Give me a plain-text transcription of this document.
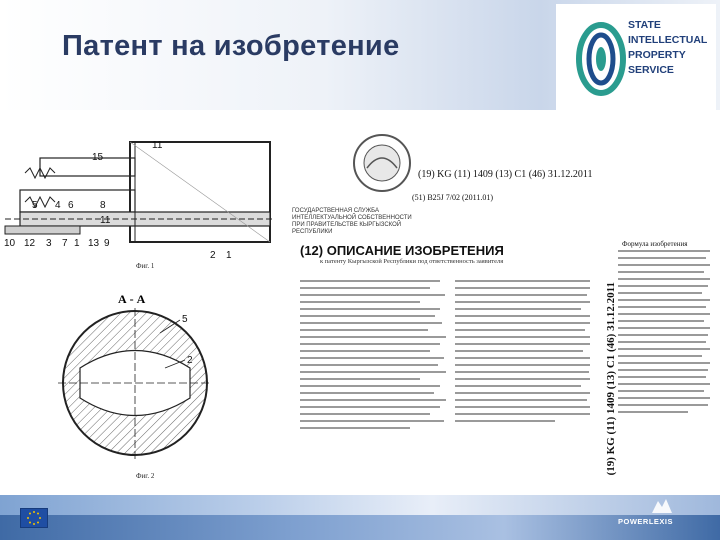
Патент на изобретение
STATE
INTELLECTUAL
PROPERTY
SERVICE
15
11
5 4 6	8
11
10 12 3 7 1 13 9
2 1
Фиг. 1
5
2
Фиг. 2
А - А
(19) KG (11) 1409 (13) C1 (46) 31.12.2011
(51) B25J 7/02 (2011.01)
ГОСУДАРСТВЕННАЯ СЛУЖБА ИНТЕЛЛЕКТУАЛЬНОЙ СОБСТВЕННОСТИ ПРИ ПРАВИТЕЛЬСТВЕ КЫРГЫЗСКОЙ РЕСПУБЛИКИ
(12) ОПИСАНИЕ ИЗОБРЕТЕНИЯ
к патенту Кыргызской Республики под ответственность заявителя
Формула изобретения
(19) KG (11) 1409 (13) C1 (46) 31.12.2011
POWERLEXIS
